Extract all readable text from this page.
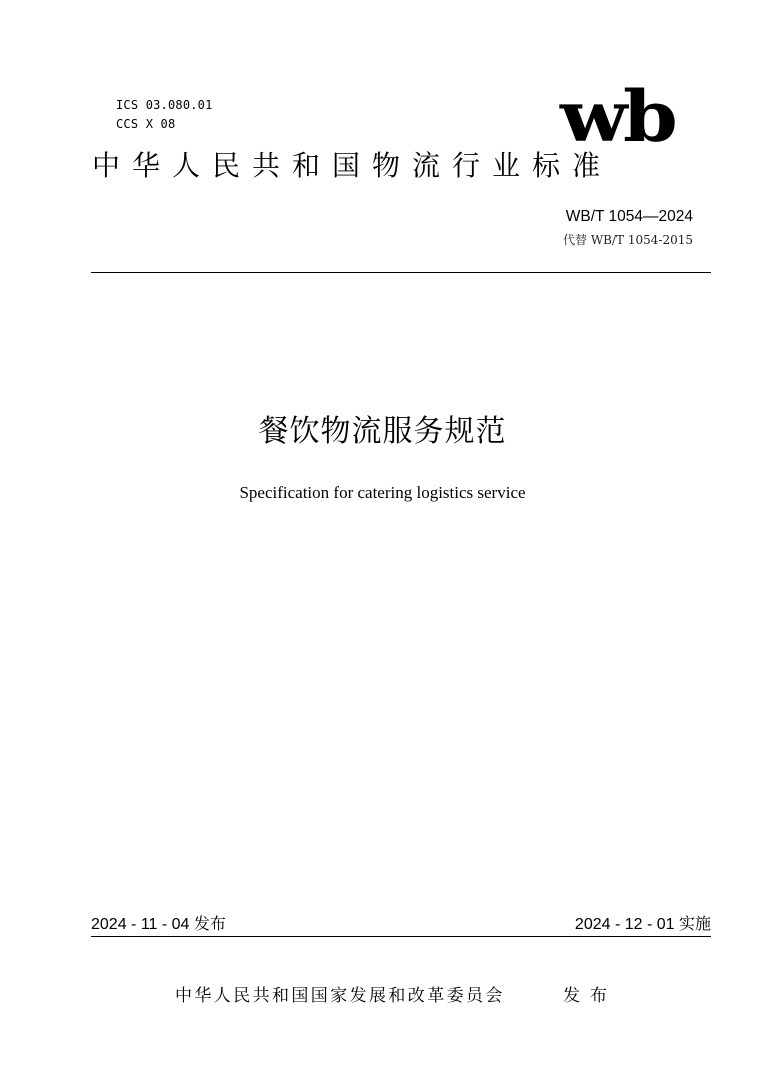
ICS 03.080.01
CCS X 08	wb
中华人民共和国物流行业标准
WB/T 1054—2024
代替 WB/T 1054-2015
餐饮物流服务规范
Specification for catering logistics service
2024 - 11 - 04 发布	2024 - 12 - 01 实施
中华人民共和国国家发展和改革委员会	发布
